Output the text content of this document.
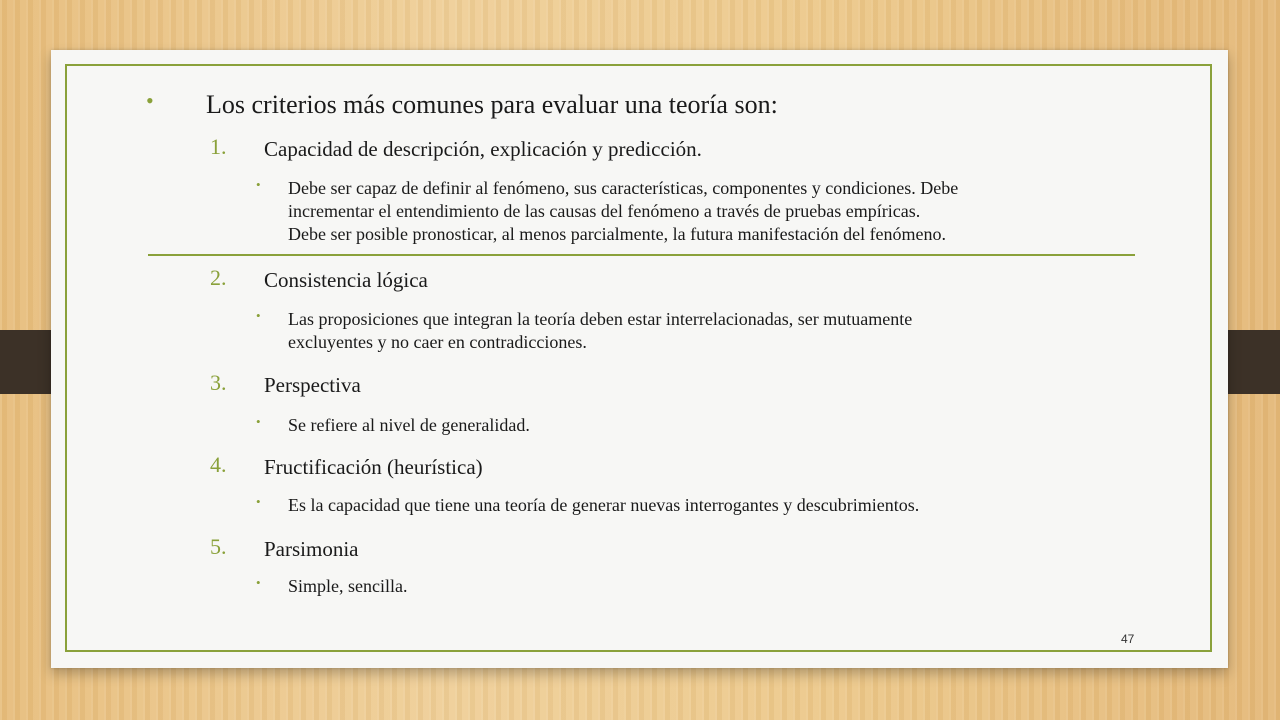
• Los criterios más comunes para evaluar una teoría son:
1. Capacidad de descripción, explicación y predicción.
• Debe ser capaz de definir al fenómeno, sus características, componentes y condiciones. Debe
incrementar el entendimiento de las causas del fenómeno a través de pruebas empíricas.
Debe ser posible pronosticar, al menos parcialmente, la futura manifestación del fenómeno.
2. Consistencia lógica
• Las proposiciones que integran la teoría deben estar interrelacionadas, ser mutuamente
excluyentes y no caer en contradicciones.
3. Perspectiva
• Se refiere al nivel de generalidad.
4. Fructificación (heurística)
• Es la capacidad que tiene una teoría de generar nuevas interrogantes y descubrimientos.
5. Parsimonia
• Simple, sencilla.
47
